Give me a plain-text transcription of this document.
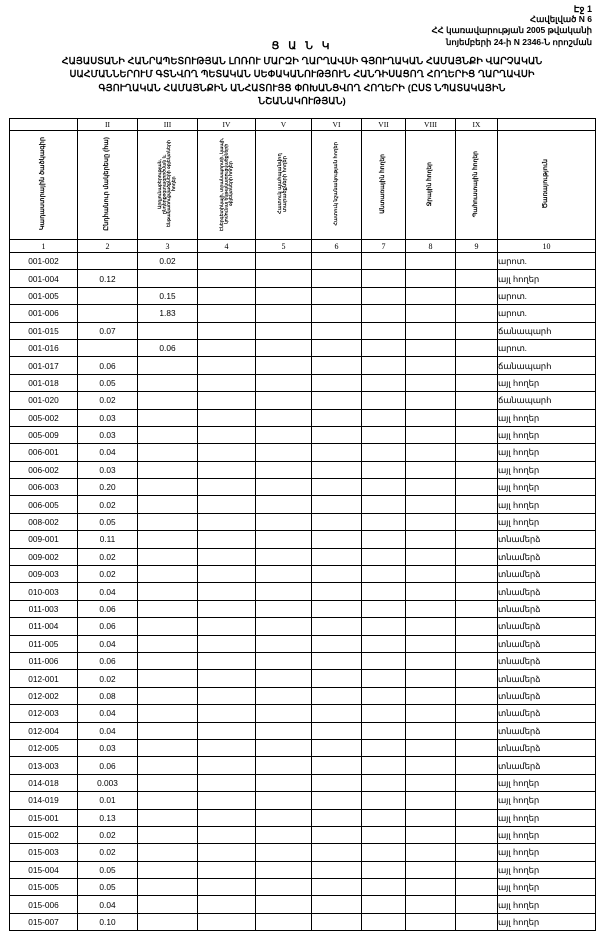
Էջ 1
Հավելված N 6
ՀՀ կառավարության 2005 թվականի
նոյեմբերի 24-ի N 2346-Ն որոշման
Ց Ա Ն Կ
ՀԱՅԱՍՏԱՆԻ ՀԱՆՐԱՊԵՏՈՒԹՅԱՆ ԼՈՌՈՒ ՄԱՐԶԻ ՂԱՐՂԱՎՍԻ ԳՅՈՒՂԱԿԱՆ ՀԱՄԱՅՆՔԻ ՎԱՐՉԱԿԱՆ
ՍԱՀՄԱՆՆԵՐՈՒՄ ԳՏՆՎՈՂ ՊԵՏԱԿԱՆ ՍԵՓԱԿԱՆՈՒԹՅՈՒՆ ՀԱՆԴԻՍԱՑՈՂ ՀՈՂԵՐԻՑ ՂԱՐՂԱՎՍԻ
ԳՅՈՒՂԱԿԱՆ ՀԱՄԱՅՆՔԻՆ ԱՆՀԱՏՈՒՅՑ ՓՈԽԱՆՑՎՈՂ ՀՈՂԵՐԻ (ԸՍՏ ՆՊԱՏԱԿԱՅԻՆ
ՆՇԱՆԱԿՈՒԹՅԱՆ)
	II	III	IV	V	VI	VII	VIII	IX	
Կադաստրային ծածկագիր	Ընդհանուր մակերեսը (հա)	Արդյունաբերության, ընդերքօգտագործման և ենթակառուցվածքների օբյեկտների հողեր	Էներգետիկայի, տրանսպորտի, կապի, կոմունալ ենթակառուցվածքների օբյեկտների հողեր	Հատուկ պահպանվող տարածքների հողեր	Հատուկ նշանակության հողեր	Անտառային հողեր	Ջրային հողեր	Պահուստային հողեր	Ծառայություն
1	2	3	4	5	6	7	8	9	10
001-002		0.02							արոտ.
001-004	0.12								այլ հողեր
001-005		0.15							արոտ.
001-006		1.83							արոտ.
001-015	0.07								ճանապարհ
001-016		0.06							արոտ.
001-017	0.06								ճանապարհ
001-018	0.05								այլ հողեր
001-020	0.02								ճանապարհ
005-002	0.03								այլ հողեր
005-009	0.03								այլ հողեր
006-001	0.04								այլ հողեր
006-002	0.03								այլ հողեր
006-003	0.20								այլ հողեր
006-005	0.02								այլ հողեր
008-002	0.05								այլ հողեր
009-001	0.11								տնամերձ
009-002	0.02								տնամերձ
009-003	0.02								տնամերձ
010-003	0.04								տնամերձ
011-003	0.06								տնամերձ
011-004	0.06								տնամերձ
011-005	0.04								տնամերձ
011-006	0.06								տնամերձ
012-001	0.02								տնամերձ
012-002	0.08								տնամերձ
012-003	0.04								տնամերձ
012-004	0.04								տնամերձ
012-005	0.03								տնամերձ
013-003	0.06								տնամերձ
014-018	0.003								այլ հողեր
014-019	0.01								այլ հողեր
015-001	0.13								այլ հողեր
015-002	0.02								այլ հողեր
015-003	0.02								այլ հողեր
015-004	0.05								այլ հողեր
015-005	0.05								այլ հողեր
015-006	0.04								այլ հողեր
015-007	0.10								այլ հողեր
